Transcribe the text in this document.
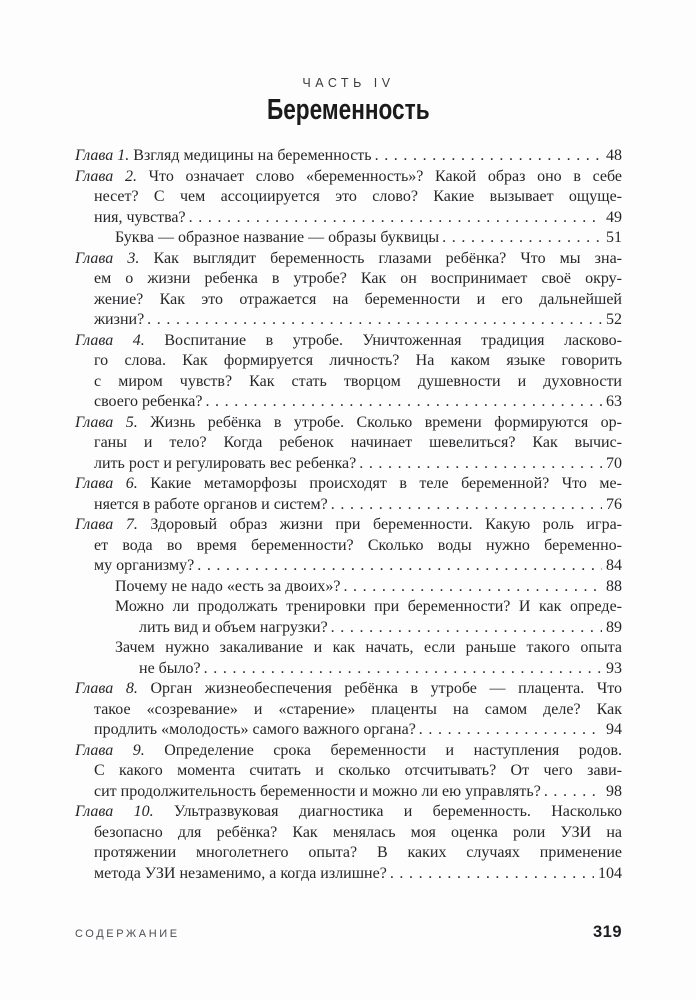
ЧАСТЬ IV
Беременность
Глава 1. Взгляд медицины на беременность .....	48
Глава 2. Что означает слово «беременность»? Какой образ оно в себе
несет? С чем ассоциируется это слово? Какие вызывает ощуще-
ния, чувства? .....	49
Буква — образное название — образы буквицы .....	51
Глава 3. Как выглядит беременность глазами ребёнка? Что мы зна-
ем о жизни ребенка в утробе? Как он воспринимает своё окру-
жение? Как это отражается на беременности и его дальнейшей
жизни? .....	52
Глава 4. Воспитание в утробе. Уничтоженная традиция ласково-
го слова. Как формируется личность? На каком языке говорить
с миром чувств? Как стать творцом душевности и духовности
своего ребенка? .....	63
Глава 5. Жизнь ребёнка в утробе. Сколько времени формируются ор-
ганы и тело? Когда ребенок начинает шевелиться? Как вычис-
лить рост и регулировать вес ребенка? .....	70
Глава 6. Какие метаморфозы происходят в теле беременной? Что ме-
няется в работе органов и систем? .....	76
Глава 7. Здоровый образ жизни при беременности. Какую роль игра-
ет вода во время беременности? Сколько воды нужно беременно-
му организму? .....	84
Почему не надо «есть за двоих»? .....	88
Можно ли продолжать тренировки при беременности? И как опреде-
лить вид и объем нагрузки? .....	89
Зачем нужно закаливание и как начать, если раньше такого опыта
не было? .....	93
Глава 8. Орган жизнеобеспечения ребёнка в утробе — плацента. Что
такое «созревание» и «старение» плаценты на самом деле? Как
продлить «молодость» самого важного органа? .....	94
Глава 9. Определение срока беременности и наступления родов.
С какого момента считать и сколько отсчитывать? От чего зави-
сит продолжительность беременности и можно ли ею управлять? .....	98
Глава 10. Ультразвуковая диагностика и беременность. Насколько
безопасно для ребёнка? Как менялась моя оценка роли УЗИ на
протяжении многолетнего опыта? В каких случаях применение
метода УЗИ незаменимо, а когда излишне? .....	104
СОДЕРЖАНИЕ	319
